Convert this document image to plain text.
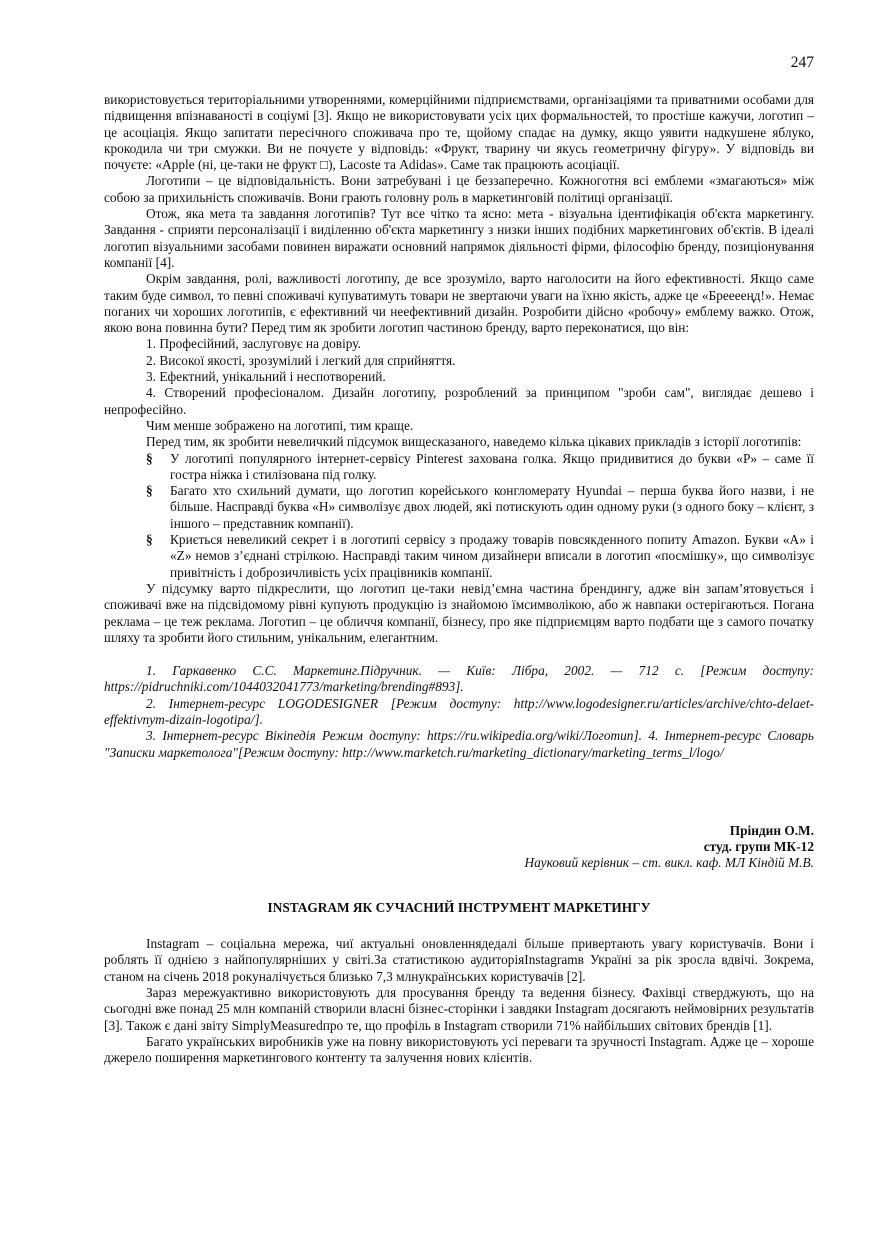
247

використовується територіальними утвореннями, комерційними підприємствами, організаціями та приватними особами для підвищення впізнаваності в соціумі [3]. Якщо не використовувати усіх цих формальностей, то простіше кажучи, логотип – це асоціація. Якщо запитати пересічного споживача про те, щойому спадає на думку, якщо уявити надкушене яблуко, крокодила чи три смужки. Ви не почуєте у відповідь: «Фрукт, тварину чи якусь геометричну фігуру». У відповідь ви почуєте: «Apple (ні, це-таки не фрукт □), Lacoste та Adidas». Саме так працюють асоціації.

Логотипи – це відповідальність. Вони затребувані і це беззаперечно. Кожноготня всі емблеми «змагаються» між собою за прихильність споживачів. Вони грають головну роль в маркетинговій політиці організації.

Отож, яка мета та завдання логотипів? Тут все чітко та ясно: мета - візуальна ідентифікація об'єкта маркетингу. Завдання - сприяти персоналізації і виділенню об'єкта маркетингу з низки інших подібних маркетингових об'єктів. В ідеалі логотип візуальними засобами повинен виражати основний напрямок діяльності фірми, філософію бренду, позиціонування компанії [4].

Окрім завдання, ролі, важливості логотипу, де все зрозуміло, варто наголосити на його ефективності. Якщо саме таким буде символ, то певні споживачі купуватимуть товари не звертаючи уваги на їхню якість, адже це «Брееееңд!». Немає поганих чи хороших логотипів, є ефективний чи неефективний дизайн. Розробити дійсно «робочу» емблему важко. Отож, якою вона повинна бути? Перед тим як зробити логотип частиною бренду, варто переконатися, що він:

1. Професійний, заслуговує на довіру.

2. Високої якості, зрозумілий і легкий для сприйняття.

3. Ефектний, унікальний і неспотворений.

4. Створений професіоналом. Дизайн логотипу, розроблений за принципом "зроби сам", виглядає дешево і непрофесійно.

Чим менше зображено на логотипі, тим краще.

Перед тим, як зробити невеличкий підсумок вищесказаного, наведемо кілька цікавих прикладів з історії логотипів:

§ У логотипі популярного інтернет-сервісу Pinterest захована голка. Якщо придивитися до букви «P» – саме її гостра ніжка і стилізована під голку.
§ Багато хто схильний думати, що логотип корейського конгломерату Hyundai – перша буква його назви, і не більше. Насправді буква «H» символізує двох людей, які потискують один одному руки (з одного боку – клієнт, з іншого – представник компанії).
§ Криється невеликий секрет і в логотипі сервісу з продажу товарів повсякденного попиту Amazon. Букви «A» і «Z» немов з’єднані стрілкою. Насправді таким чином дизайнери вписали в логотип «посмішку», що символізує привітність і доброзичливість усіх працівників компанії.

У підсумку варто підкреслити, що логотип це-таки невід’ємна частина брендингу, адже він запам’ятовується і споживачі вже на підсвідомому рівні купують продукцію із знайомою їмсимволікою, або ж навпаки остерігаються. Погана реклама – це теж реклама. Логотип – це обличчя компанії, бізнесу, про яке підприємцям варто подбати ще з самого початку шляху та зробити його стильним, унікальним, елегантним.

1. Гаркавенко С.С. Маркетинг.Підручник. — Київ: Лібра, 2002. — 712 с. [Режим доступу: https://pidruchniki.com/1044032041773/marketing/brending#893].

2. Інтернет-ресурс LOGODESIGNER [Режим доступу: http://www.logodesigner.ru/articles/archive/chto-delaet-effektivnym-dizain-logotipa/].

3. Інтернет-ресурс Вікіпедія Режим доступу: https://ru.wikipedia.org/wiki/Логотип]. 4. Інтернет-ресурс Словарь "Записки маркетолога"[Режим доступу: http://www.marketch.ru/marketing_dictionary/marketing_terms_l/logo/

Пріндин О.М.
студ. групи МК-12
Науковий керівник – ст. викл. каф. МЛ Кіндій М.В.
INSTAGRAM ЯК СУЧАСНИЙ ІНСТРУМЕНТ МАРКЕТИНГУ

Instagram – соціальна мережа, чиї актуальні оновленнядедалі більше привертають увагу користувачів. Вони і роблять її однією з найпопулярніших у світі.За статистикою аудиторіяInstagramв Україні за рік зросла вдвічі. Зокрема, станом на січень 2018 рокуналічується близько 7,3 млнукраїнських користувачів [2].

Зараз мережуактивно використовують для просування бренду та ведення бізнесу. Фахівці стверджують, що на сьогодні вже понад 25 млн компаній створили власні бізнес-сторінки і завдяки Instagram досягають неймовірних результатів [3]. Також є дані звіту SimplyMeasuredпро те, що профіль в Instagram створили 71% найбільших світових брендів [1].

Багато українських виробників уже на повну використовують усі переваги та зручності Instagram. Адже це – хороше джерело поширення маркетингового контенту та залучення нових клієнтів.
